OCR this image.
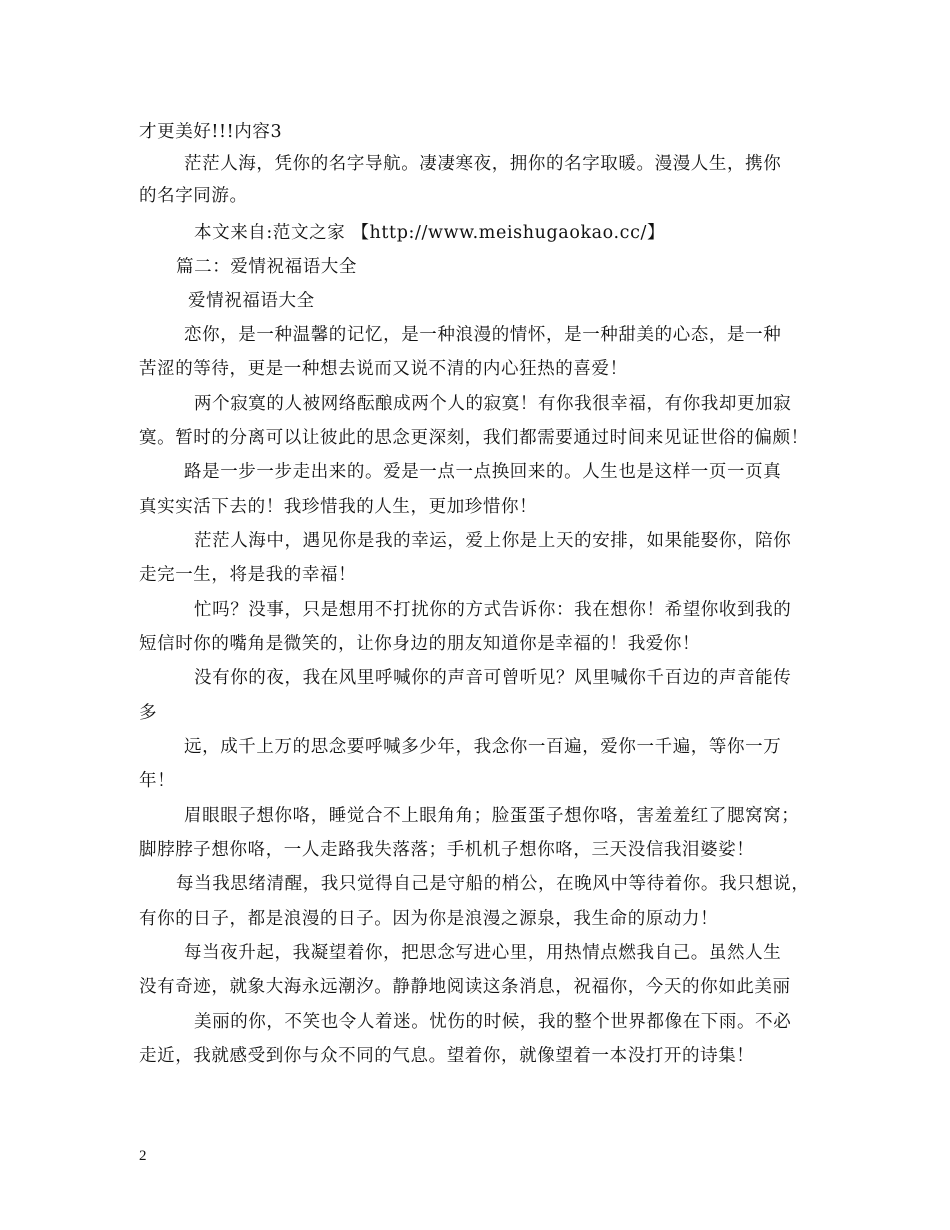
才更美好!!!内容3
茫茫人海，凭你的名字导航。凄凄寒夜，拥你的名字取暖。漫漫人生，携你
的名字同游。
本文来自:范文之家 【http://www.meishugaokao.cc/】
篇二：爱情祝福语大全
爱情祝福语大全
恋你，是一种温馨的记忆，是一种浪漫的情怀，是一种甜美的心态，是一种
苦涩的等待，更是一种想去说而又说不清的内心狂热的喜爱！
两个寂寞的人被网络酝酿成两个人的寂寞！有你我很幸福，有你我却更加寂
寞。暂时的分离可以让彼此的思念更深刻，我们都需要通过时间来见证世俗的偏颇！
路是一步一步走出来的。爱是一点一点换回来的。人生也是这样一页一页真
真实实活下去的！我珍惜我的人生，更加珍惜你！
茫茫人海中，遇见你是我的幸运，爱上你是上天的安排，如果能娶你，陪你
走完一生，将是我的幸福！
忙吗？没事，只是想用不打扰你的方式告诉你：我在想你！希望你收到我的
短信时你的嘴角是微笑的，让你身边的朋友知道你是幸福的！我爱你！
没有你的夜，我在风里呼喊你的声音可曾听见？风里喊你千百边的声音能传
多
远，成千上万的思念要呼喊多少年，我念你一百遍，爱你一千遍，等你一万
年！
眉眼眼子想你咯，睡觉合不上眼角角；脸蛋蛋子想你咯，害羞羞红了腮窝窝；
脚脖脖子想你咯，一人走路我失落落；手机机子想你咯，三天没信我泪婆娑！
每当我思绪清醒，我只觉得自己是守船的梢公，在晚风中等待着你。我只想说，
有你的日子，都是浪漫的日子。因为你是浪漫之源泉，我生命的原动力！
每当夜升起，我凝望着你，把思念写进心里，用热情点燃我自己。虽然人生
没有奇迹，就象大海永远潮汐。静静地阅读这条消息，祝福你，今天的你如此美丽
美丽的你，不笑也令人着迷。忧伤的时候，我的整个世界都像在下雨。不必
走近，我就感受到你与众不同的气息。望着你，就像望着一本没打开的诗集！
2
